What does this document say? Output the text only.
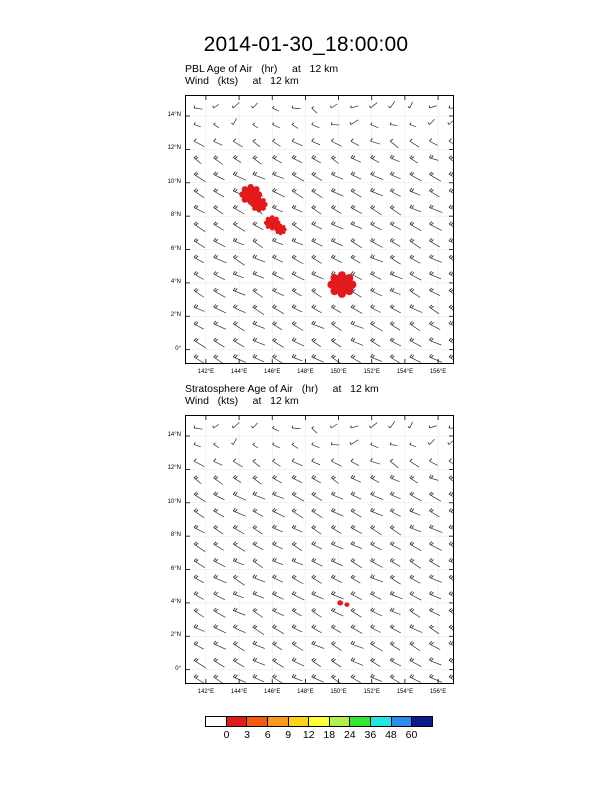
2014-01-30_18:00:00
PBL Age of Air   (hr)     at   12 km
Wind   (kts)     at   12 km
0°
2°N
4°N
6°N
8°N
10°N
12°N
14°N
142°E	144°E	146°E	148°E	150°E	152°E	154°E	156°E
Stratosphere Age of Air   (hr)     at   12 km
Wind   (kts)     at   12 km
0°
2°N
4°N
6°N
8°N
10°N
12°N
14°N
142°E	144°E	146°E	148°E	150°E	152°E	154°E	156°E
0	3	6	9	12 18 24 36 48 60
